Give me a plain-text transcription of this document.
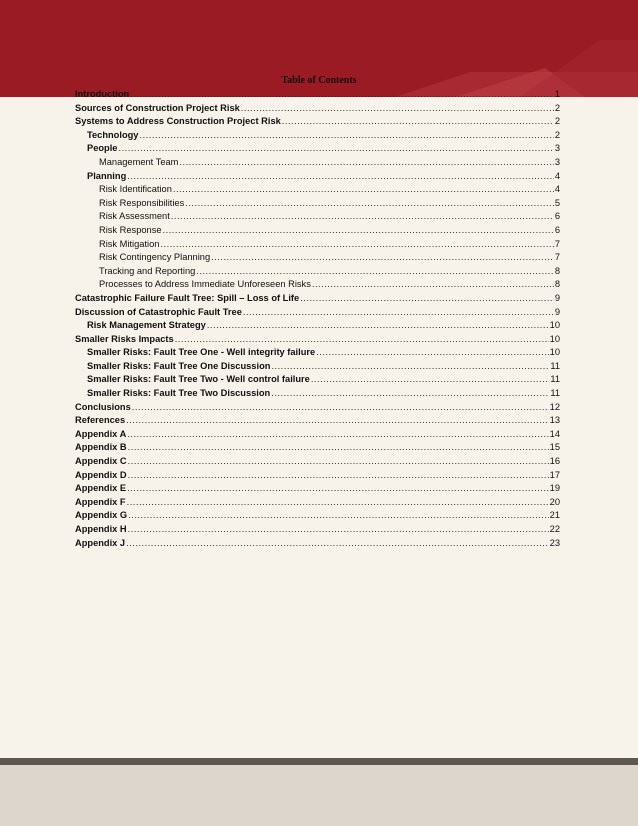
Table of Contents
Introduction .....	1
Sources of Construction Project Risk .....	2
Systems to Address Construction Project Risk .....	2
Technology .....	2
People .....	3
Management Team .....	3
Planning .....	4
Risk Identification .....	4
Risk Responsibilities .....	5
Risk Assessment .....	6
Risk Response .....	6
Risk Mitigation .....	7
Risk Contingency Planning .....	7
Tracking and Reporting .....	8
Processes to Address Immediate Unforeseen Risks .....	8
Catastrophic Failure Fault Tree: Spill – Loss of Life .....	9
Discussion of Catastrophic Fault Tree .....	9
Risk Management Strategy .....	10
Smaller Risks Impacts .....	10
Smaller Risks: Fault Tree One - Well integrity failure .....	10
Smaller Risks: Fault Tree One Discussion .....	11
Smaller Risks: Fault Tree Two - Well control failure .....	11
Smaller Risks: Fault Tree Two Discussion .....	11
Conclusions .....	12
References .....	13
Appendix A .....	14
Appendix B .....	15
Appendix C .....	16
Appendix D .....	17
Appendix E .....	19
Appendix F .....	20
Appendix G .....	21
Appendix H .....	22
Appendix J .....	23
